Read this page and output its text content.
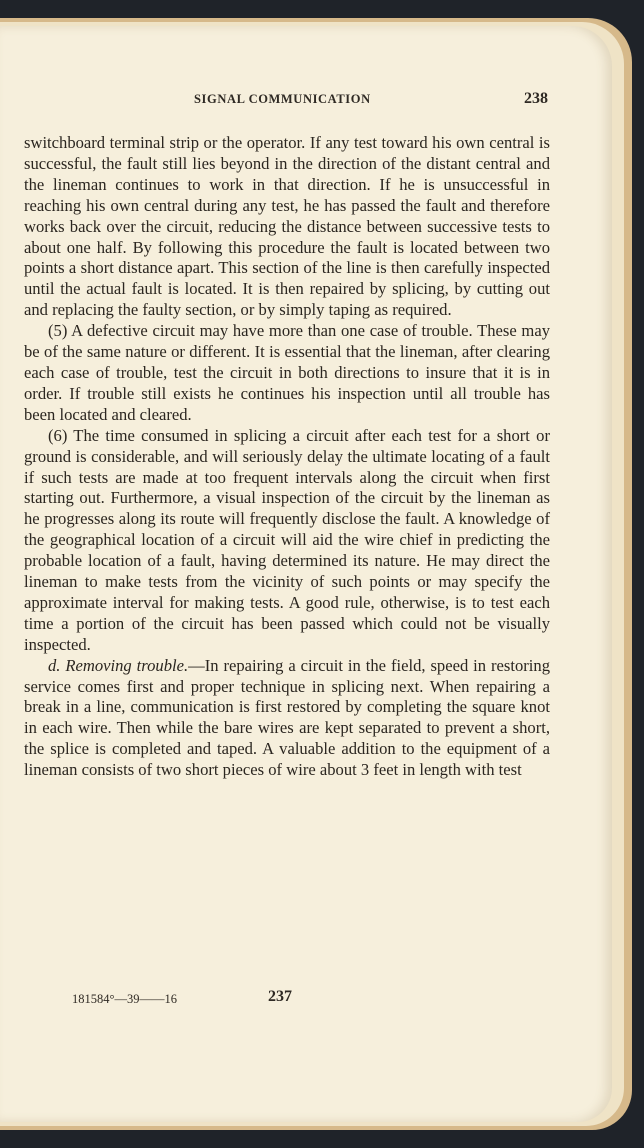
SIGNAL COMMUNICATION	238

switchboard terminal strip or the operator. If any test toward his own central is successful, the fault still lies beyond in the direction of the distant central and the lineman continues to work in that direction. If he is unsuccessful in reaching his own central during any test, he has passed the fault and therefore works back over the circuit, reducing the distance between successive tests to about one half. By following this procedure the fault is located between two points a short distance apart. This section of the line is then carefully inspected until the actual fault is located. It is then repaired by splicing, by cutting out and replacing the faulty section, or by simply taping as required.

(5) A defective circuit may have more than one case of trouble. These may be of the same nature or different. It is essential that the lineman, after clearing each case of trouble, test the circuit in both directions to insure that it is in order. If trouble still exists he continues his inspection until all trouble has been located and cleared.

(6) The time consumed in splicing a circuit after each test for a short or ground is considerable, and will seriously delay the ultimate locating of a fault if such tests are made at too frequent intervals along the circuit when first starting out. Furthermore, a visual inspection of the circuit by the lineman as he progresses along its route will frequently disclose the fault. A knowledge of the geographical location of a circuit will aid the wire chief in predicting the probable location of a fault, having determined its nature. He may direct the lineman to make tests from the vicinity of such points or may specify the approximate interval for making tests. A good rule, otherwise, is to test each time a portion of the circuit has been passed which could not be visually inspected.

d. Removing trouble.—In repairing a circuit in the field, speed in restoring service comes first and proper technique in splicing next. When repairing a break in a line, communication is first restored by completing the square knot in each wire. Then while the bare wires are kept separated to prevent a short, the splice is completed and taped. A valuable addition to the equipment of a lineman consists of two short pieces of wire about 3 feet in length with test

181584°—39——16	237
